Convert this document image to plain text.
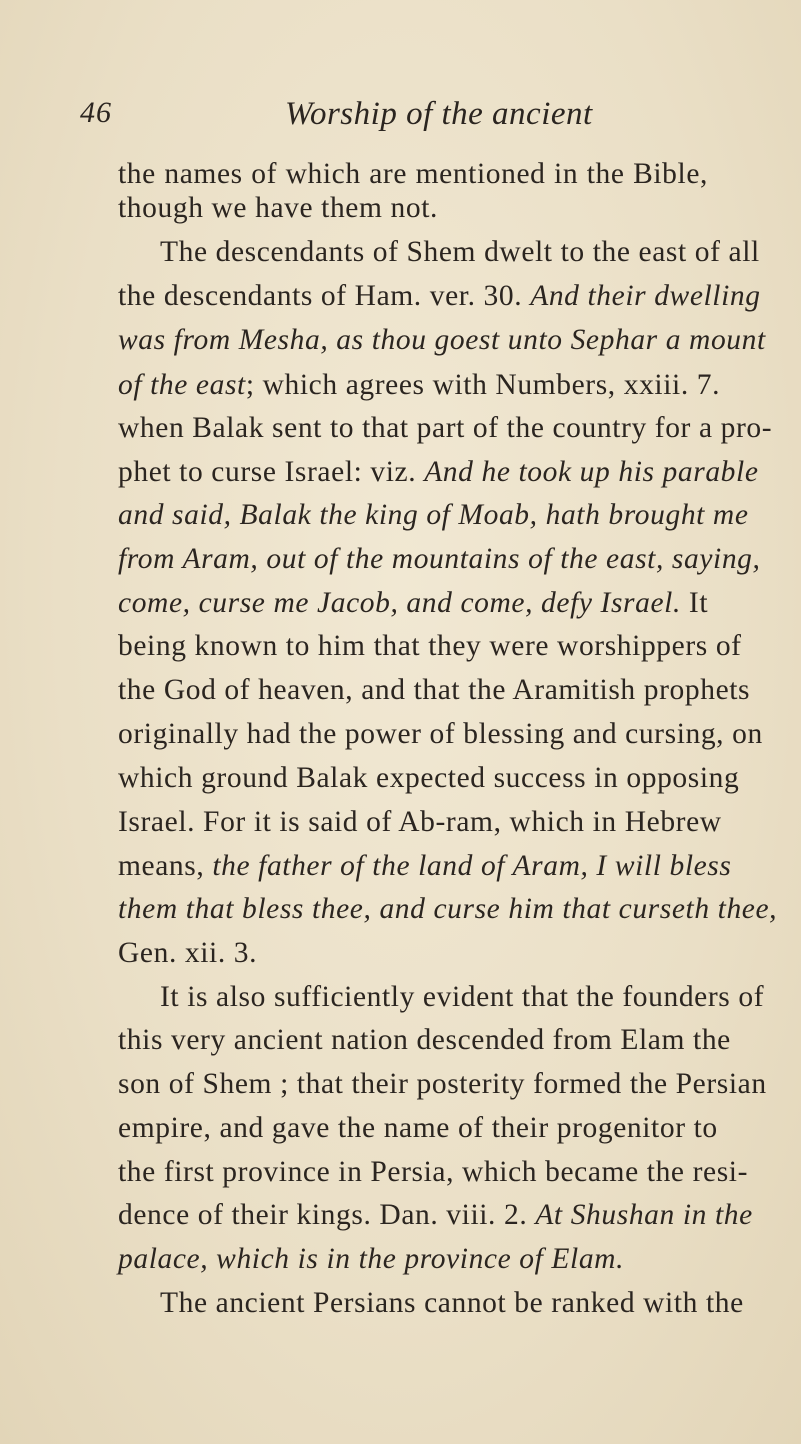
46	Worship of the ancient
the names of which are mentioned in the Bible,
though we have them not.
The descendants of Shem dwelt to the east of all
the descendants of Ham. ver. 30. And their dwelling
was from Mesha, as thou goest unto Sephar a mount
of the east; which agrees with Numbers, xxiii. 7.
when Balak sent to that part of the country for a pro-
phet to curse Israel: viz. And he took up his parable
and said, Balak the king of Moab, hath brought me
from Aram, out of the mountains of the east, saying,
come, curse me Jacob, and come, defy Israel. It
being known to him that they were worshippers of
the God of heaven, and that the Aramitish prophets
originally had the power of blessing and cursing, on
which ground Balak expected success in opposing
Israel. For it is said of Ab-ram, which in Hebrew
means, the father of the land of Aram, I will bless
them that bless thee, and curse him that curseth thee,
Gen. xii. 3.
It is also sufficiently evident that the founders of
this very ancient nation descended from Elam the
son of Shem ; that their posterity formed the Persian
empire, and gave the name of their progenitor to
the first province in Persia, which became the resi-
dence of their kings. Dan. viii. 2. At Shushan in the
palace, which is in the province of Elam.
The ancient Persians cannot be ranked with the
